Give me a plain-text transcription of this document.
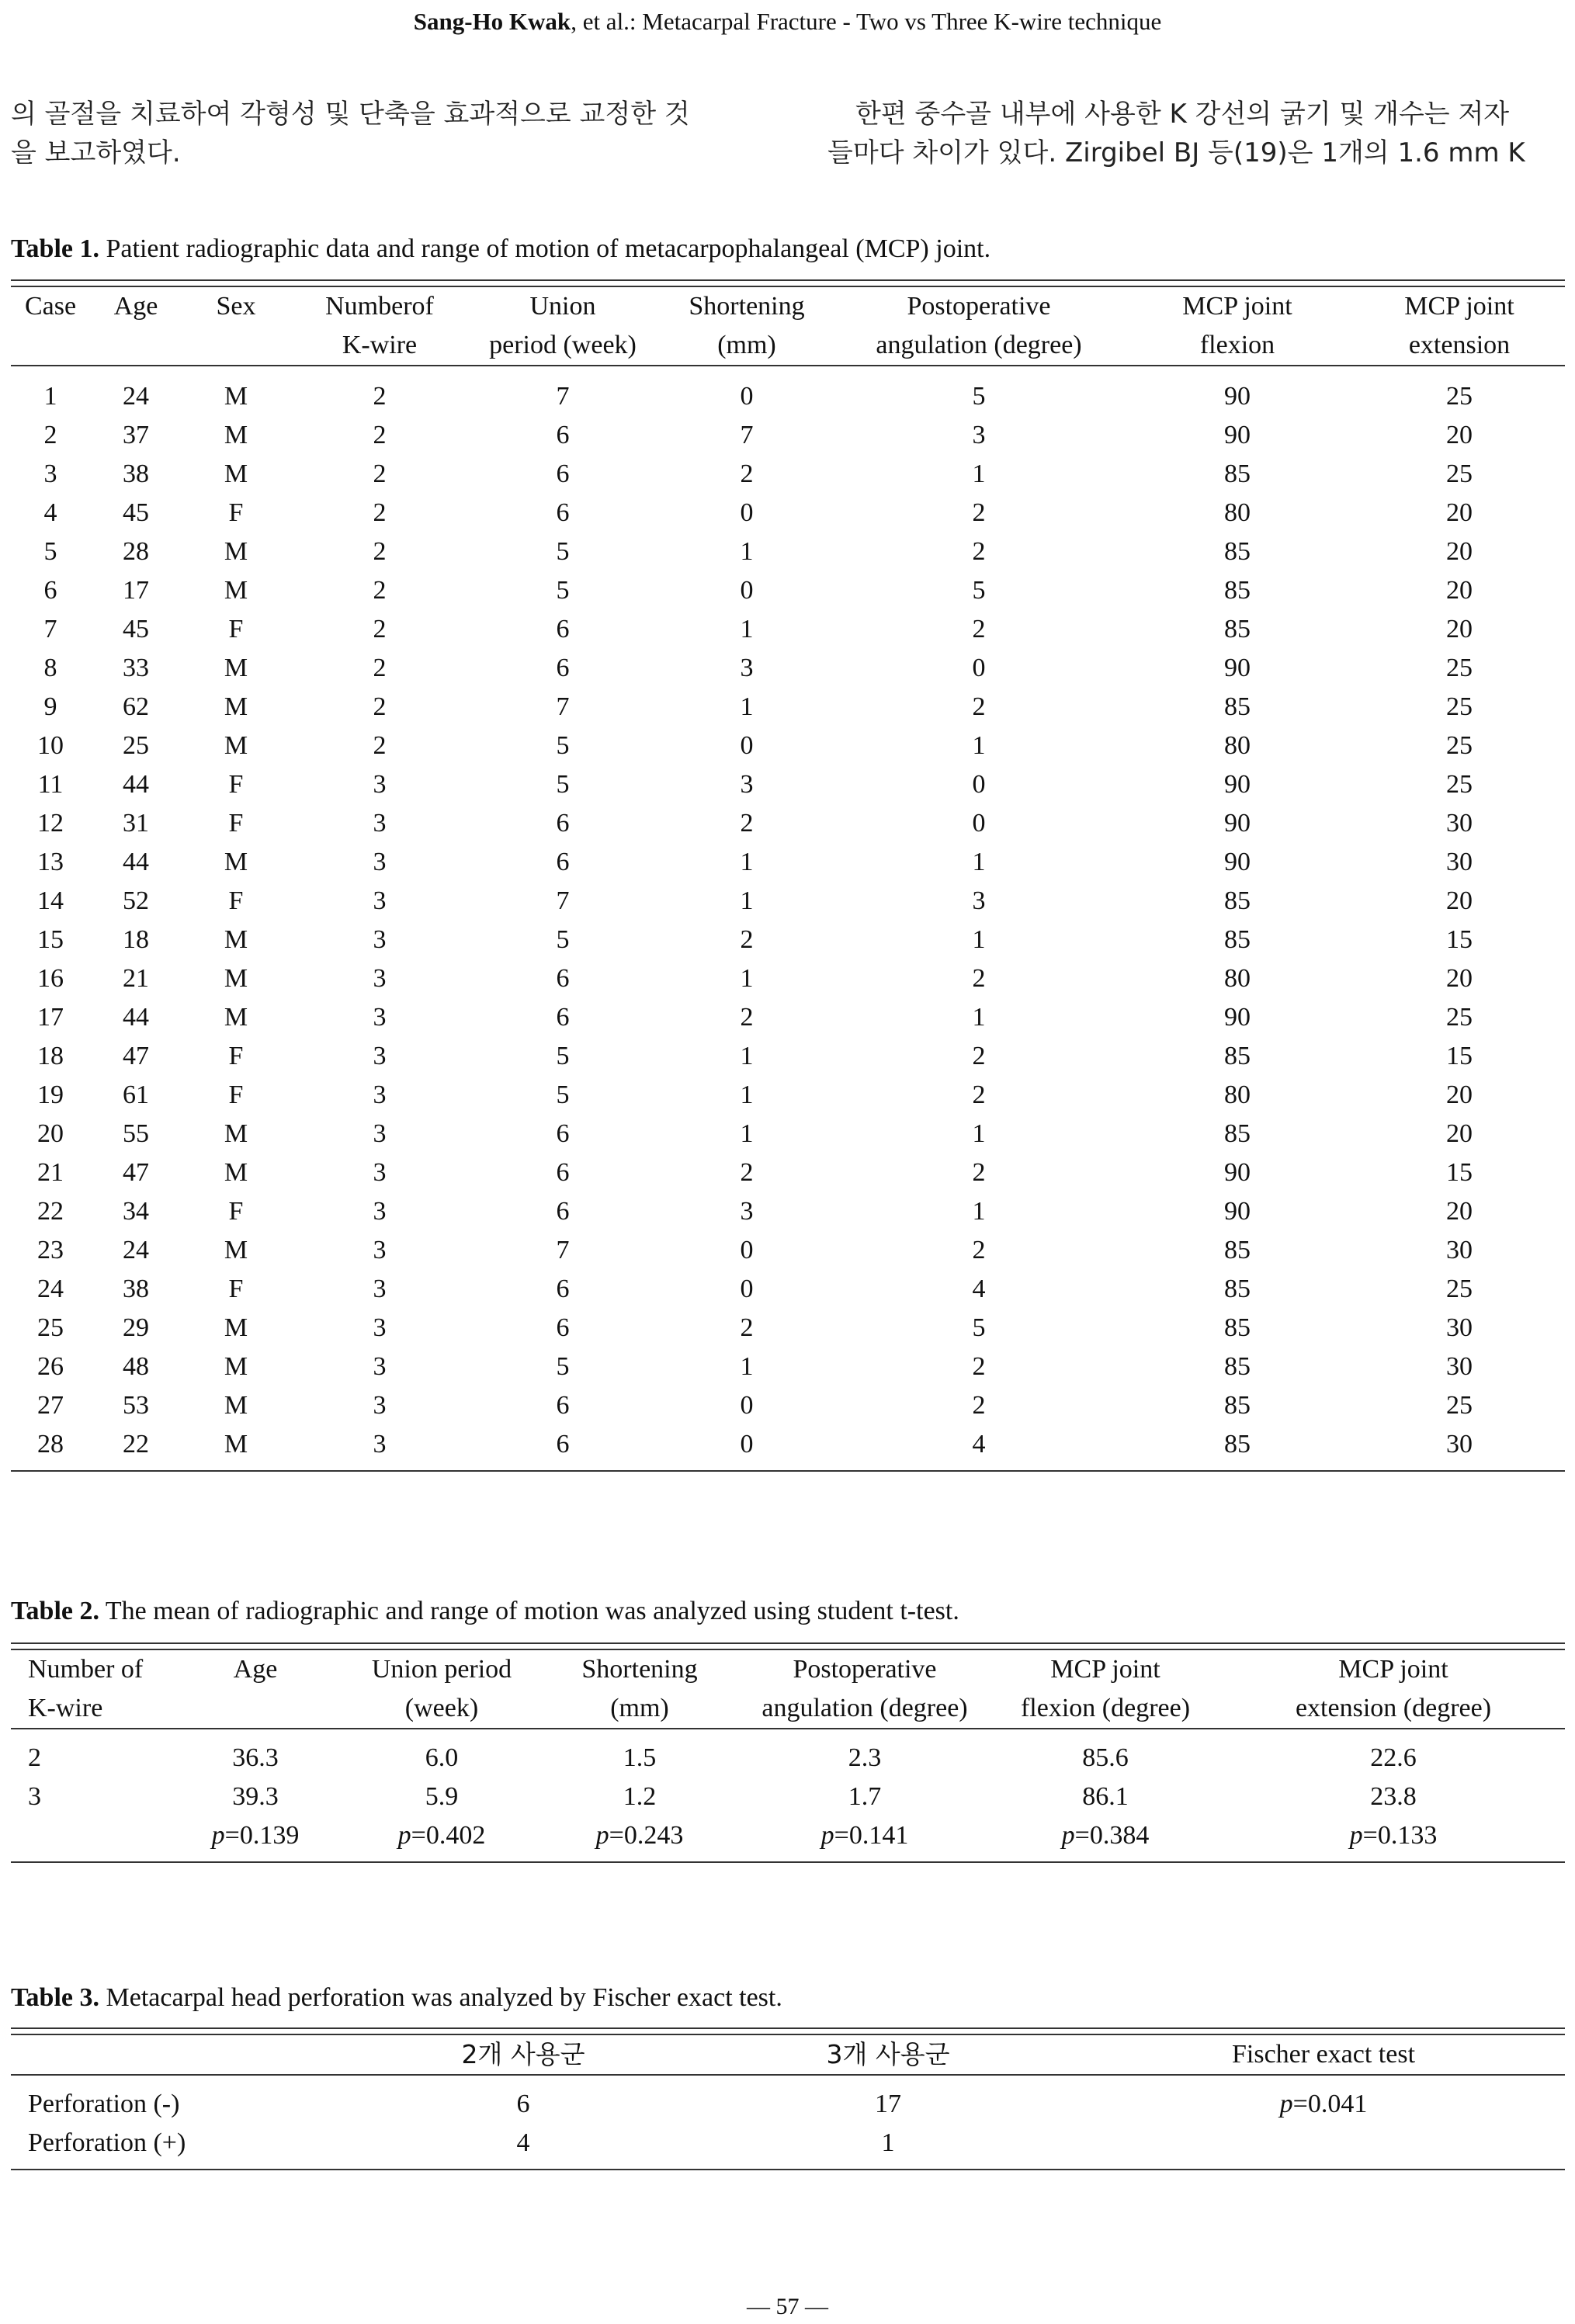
Sang-Ho Kwak, et al.: Metacarpal Fracture - Two vs Three K-wire technique
의 골절을 치료하여 각형성 및 단축을 효과적으로 교정한 것
을 보고하였다.
한편 중수골 내부에 사용한 K 강선의 굵기 및 개수는 저자
들마다 차이가 있다. Zirgibel BJ 등(19)은 1개의 1.6 mm K
Table 1. Patient radiographic data and range of motion of metacarpophalangeal (MCP) joint.
Case	Age	Sex	Numberof	Union	Shortening	Postoperative	MCP joint	MCP joint
			K-wire	period (week)	(mm)	angulation (degree)	flexion	extension
1	24	M	2	7	0	5	90	25
2	37	M	2	6	7	3	90	20
3	38	M	2	6	2	1	85	25
4	45	F	2	6	0	2	80	20
5	28	M	2	5	1	2	85	20
6	17	M	2	5	0	5	85	20
7	45	F	2	6	1	2	85	20
8	33	M	2	6	3	0	90	25
9	62	M	2	7	1	2	85	25
10	25	M	2	5	0	1	80	25
11	44	F	3	5	3	0	90	25
12	31	F	3	6	2	0	90	30
13	44	M	3	6	1	1	90	30
14	52	F	3	7	1	3	85	20
15	18	M	3	5	2	1	85	15
16	21	M	3	6	1	2	80	20
17	44	M	3	6	2	1	90	25
18	47	F	3	5	1	2	85	15
19	61	F	3	5	1	2	80	20
20	55	M	3	6	1	1	85	20
21	47	M	3	6	2	2	90	15
22	34	F	3	6	3	1	90	20
23	24	M	3	7	0	2	85	30
24	38	F	3	6	0	4	85	25
25	29	M	3	6	2	5	85	30
26	48	M	3	5	1	2	85	30
27	53	M	3	6	0	2	85	25
28	22	M	3	6	0	4	85	30
Table 2. The mean of radiographic and range of motion was analyzed using student t-test.
Number of	Age	Union period	Shortening	Postoperative	MCP joint	MCP joint
K-wire		(week)	(mm)	angulation (degree)	flexion (degree)	extension (degree)
2	36.3	6.0	1.5	2.3	85.6	22.6
3	39.3	5.9	1.2	1.7	86.1	23.8
	p=0.139	p=0.402	p=0.243	p=0.141	p=0.384	p=0.133
Table 3. Metacarpal head perforation was analyzed by Fischer exact test.
	2개 사용군	3개 사용군	Fischer exact test
Perforation (-)	6	17	p=0.041
Perforation (+)	4	1	
— 57 —
